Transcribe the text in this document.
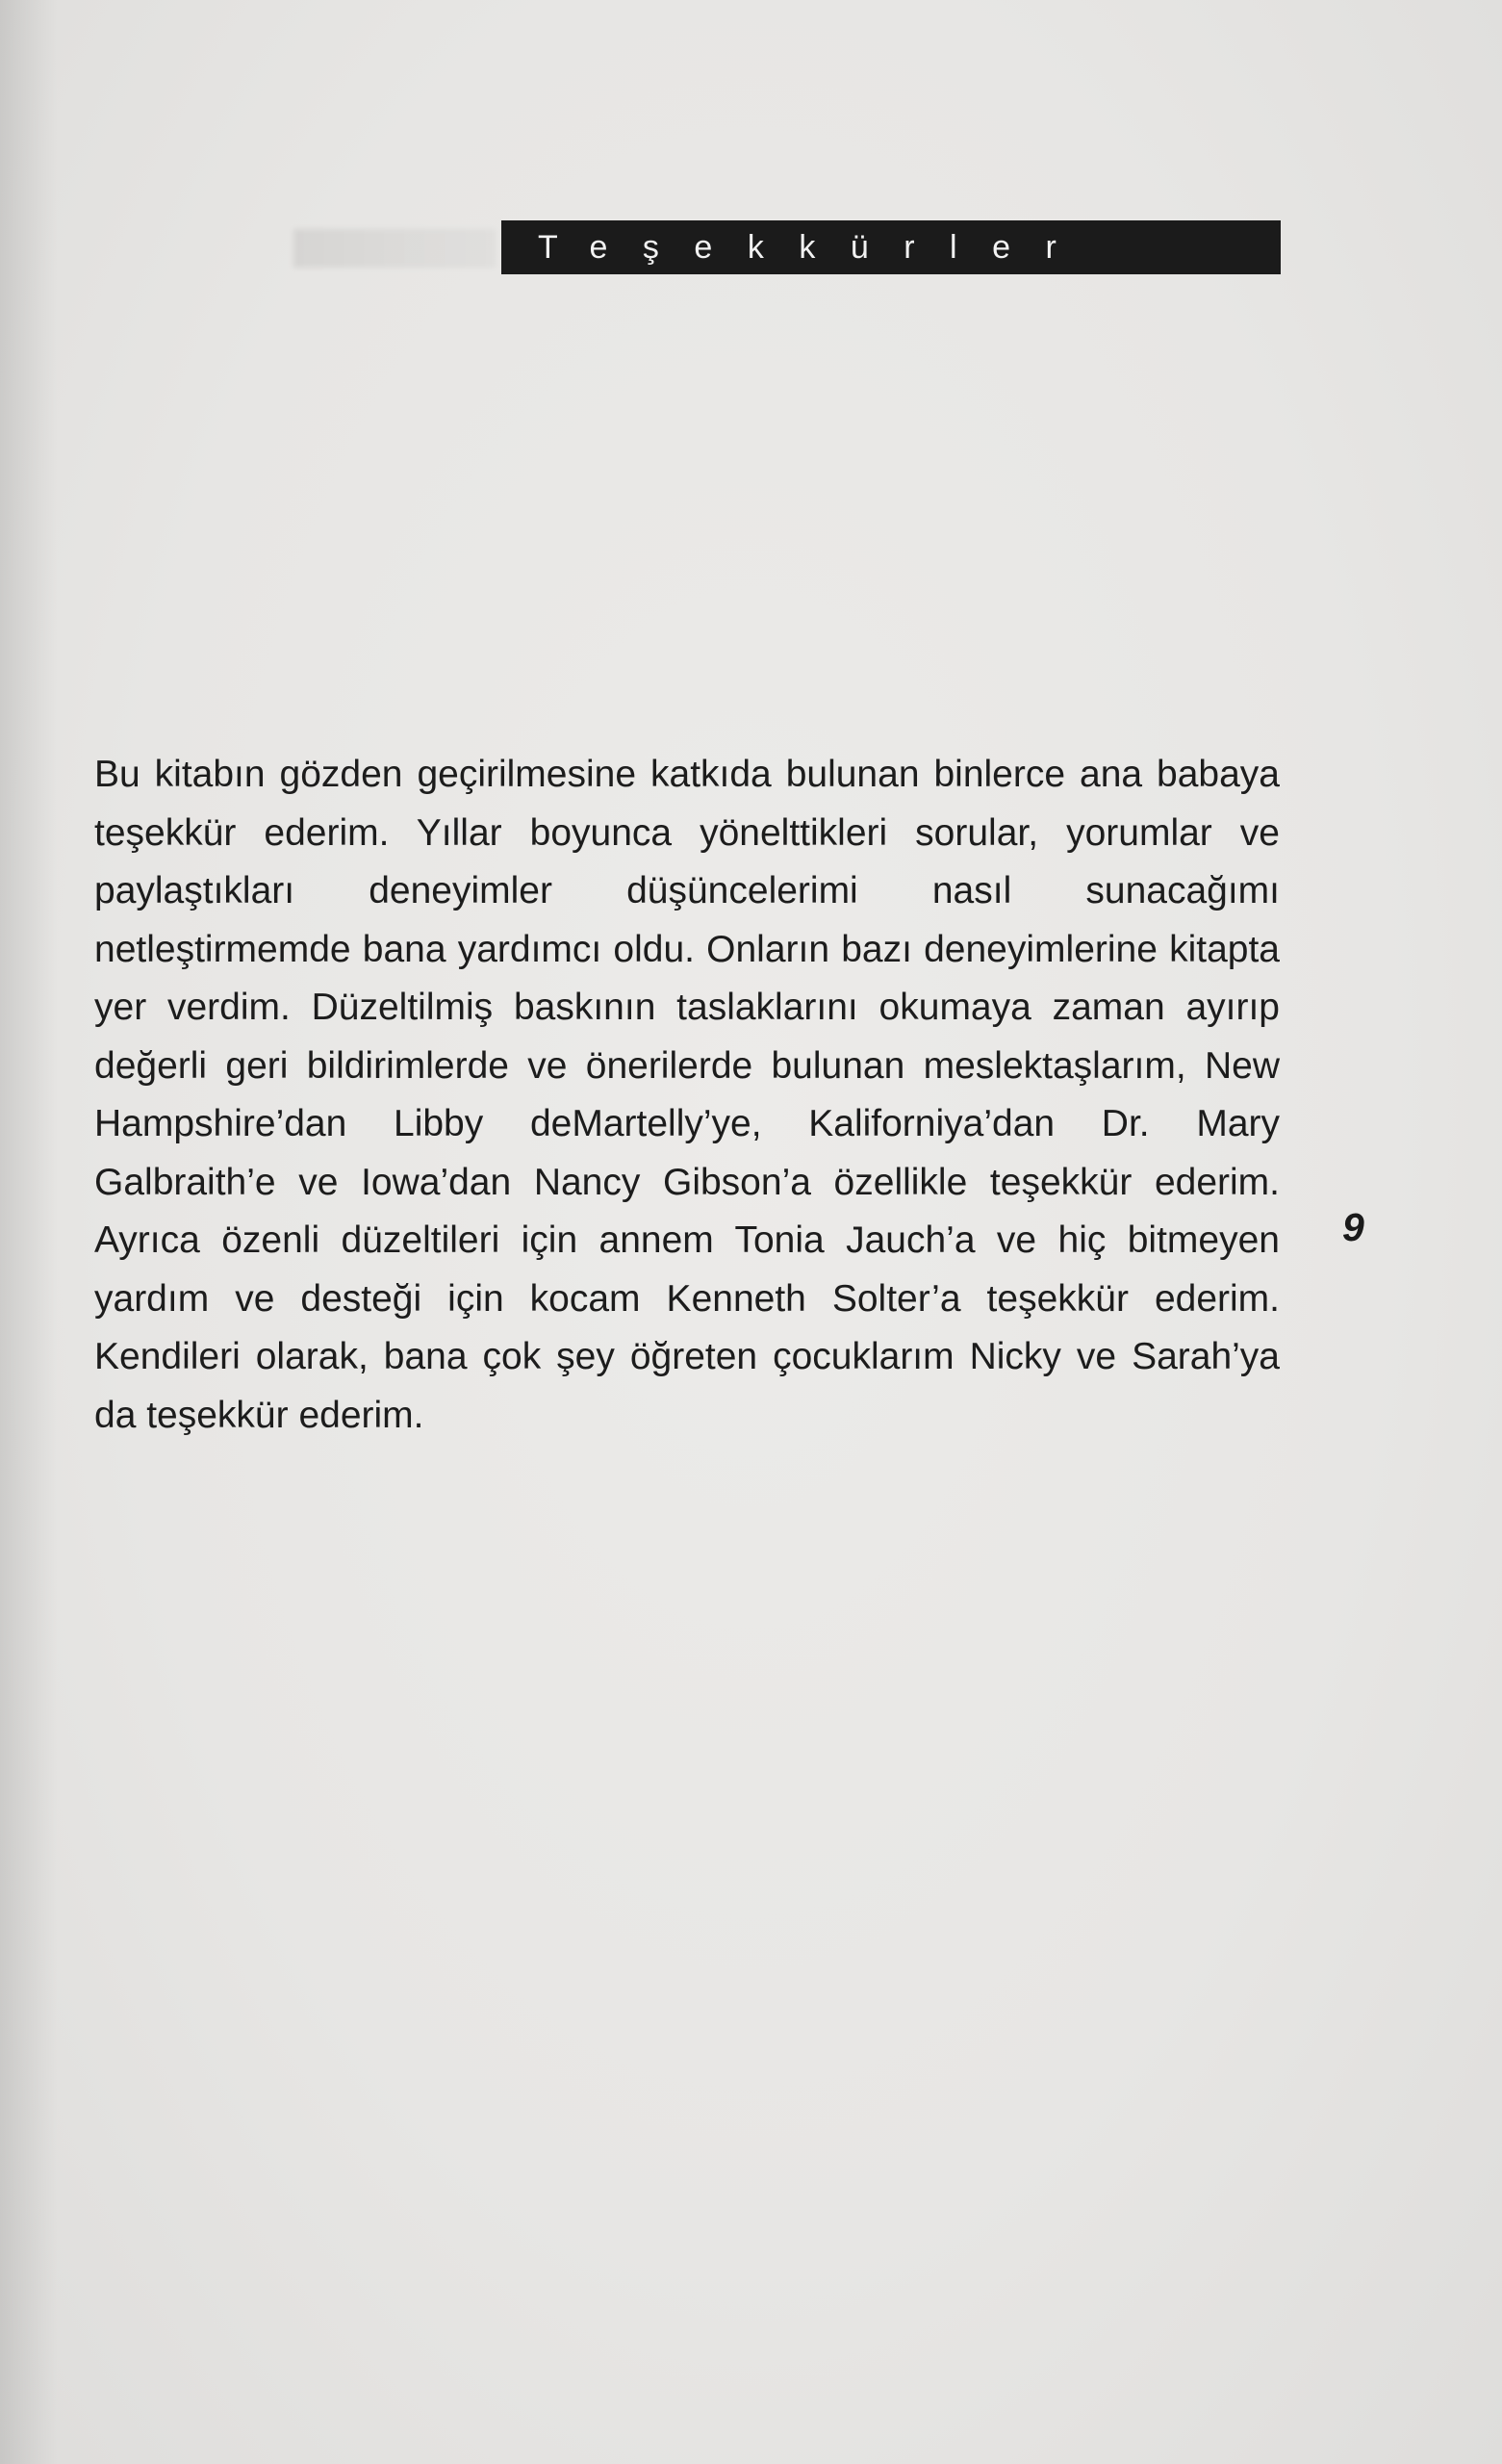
Teşekkürler

Bu kitabın gözden geçirilmesine katkıda bulunan binlerce ana babaya teşekkür ederim. Yıllar boyunca yönelttikleri sorular, yorumlar ve paylaştıkları deneyimler düşüncelerimi nasıl sunacağımı netleştirmemde bana yardımcı oldu. Onların bazı deneyimlerine kitapta yer verdim. Düzeltilmiş baskının taslaklarını okumaya zaman ayırıp değerli geri bildirimlerde ve önerilerde bulunan meslektaşlarım, New Hampshire’dan Libby deMartelly’ye, Kaliforniya’dan Dr. Mary Galbraith’e ve Iowa’dan Nancy Gibson’a özellikle teşekkür ederim. Ayrıca özenli düzeltileri için annem Tonia Jauch’a ve hiç bitmeyen yardım ve desteği için kocam Kenneth Solter’a teşekkür ederim. Kendileri olarak, bana çok şey öğreten çocuklarım Nicky ve Sarah’ya da teşekkür ederim.

9
